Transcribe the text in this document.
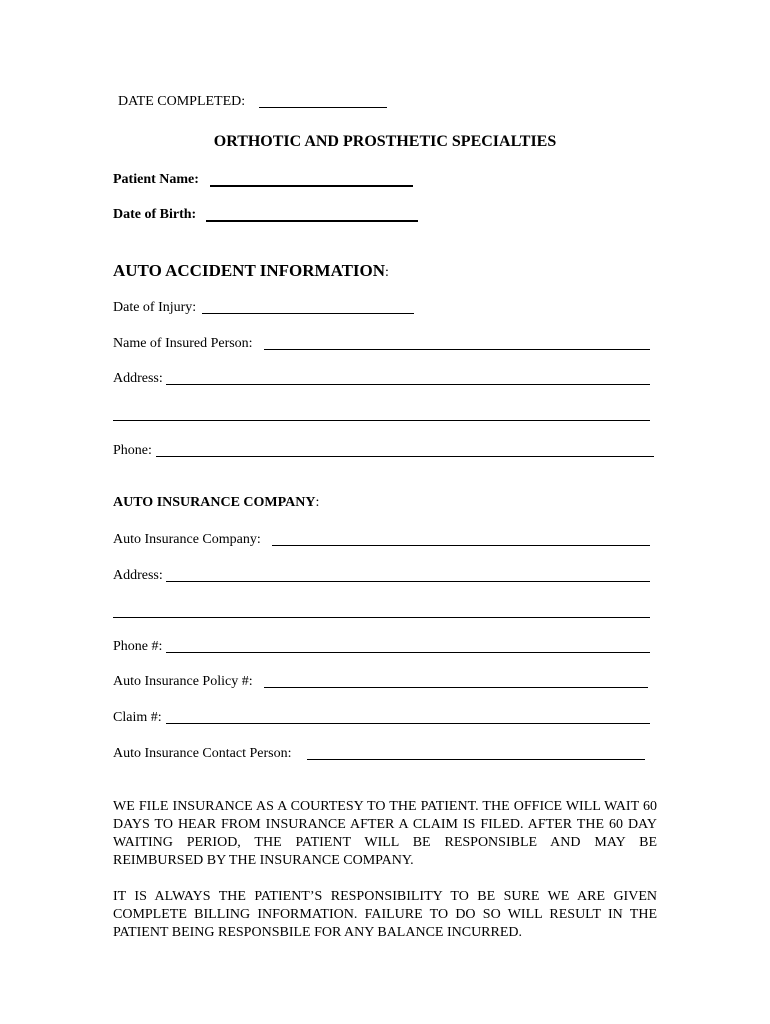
DATE COMPLETED:
ORTHOTIC AND PROSTHETIC SPECIALTIES
Patient Name:
Date of Birth:
AUTO ACCIDENT INFORMATION:
Date of Injury:
Name of Insured Person:
Address:
Phone:
AUTO INSURANCE COMPANY:
Auto Insurance Company:
Address:
Phone #:
Auto Insurance Policy #:
Claim #:
Auto Insurance Contact Person:
WE FILE INSURANCE AS A COURTESY TO THE PATIENT. THE OFFICE WILL WAIT 60 DAYS TO HEAR FROM INSURANCE AFTER A CLAIM IS FILED. AFTER THE 60 DAY WAITING PERIOD, THE PATIENT WILL BE RESPONSIBLE AND MAY BE REIMBURSED BY THE INSURANCE COMPANY.
IT IS ALWAYS THE PATIENT’S RESPONSIBILITY TO BE SURE WE ARE GIVEN COMPLETE BILLING INFORMATION. FAILURE TO DO SO WILL RESULT IN THE PATIENT BEING RESPONSBILE FOR ANY BALANCE INCURRED.
